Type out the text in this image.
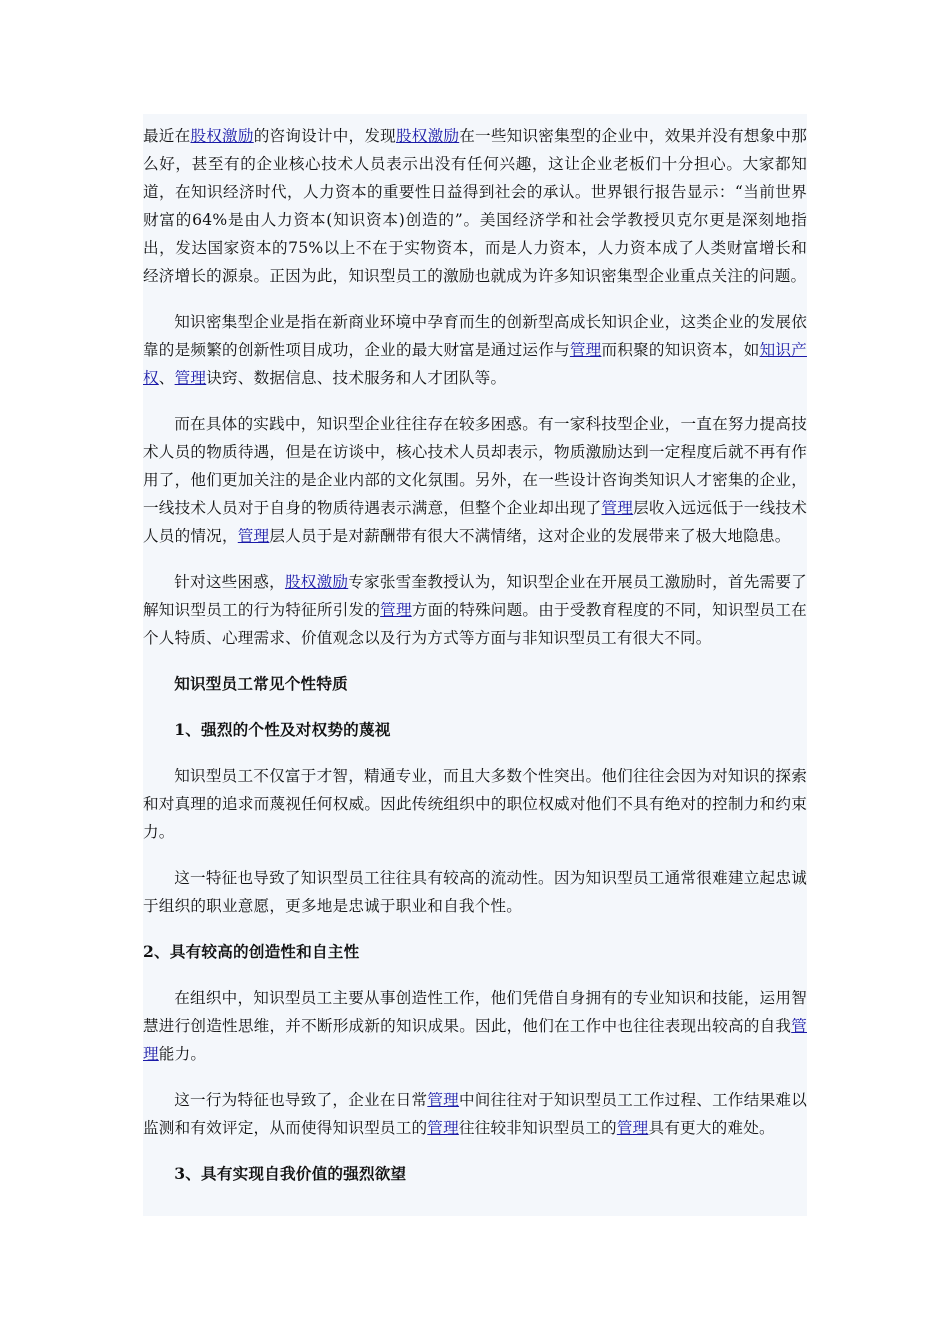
最近在股权激励的咨询设计中，发现股权激励在一些知识密集型的企业中，效果并没有想象中那么好，甚至有的企业核心技术人员表示出没有任何兴趣，这让企业老板们十分担心。大家都知道，在知识经济时代，人力资本的重要性日益得到社会的承认。世界银行报告显示：“当前世界财富的64%是由人力资本(知识资本)创造的”。美国经济学和社会学教授贝克尔更是深刻地指出，发达国家资本的75%以上不在于实物资本，而是人力资本，人力资本成了人类财富增长和经济增长的源泉。正因为此，知识型员工的激励也就成为许多知识密集型企业重点关注的问题。

知识密集型企业是指在新商业环境中孕育而生的创新型高成长知识企业，这类企业的发展依靠的是频繁的创新性项目成功，企业的最大财富是通过运作与管理而积聚的知识资本，如知识产权、管理诀窍、数据信息、技术服务和人才团队等。

而在具体的实践中，知识型企业往往存在较多困惑。有一家科技型企业，一直在努力提高技术人员的物质待遇，但是在访谈中，核心技术人员却表示，物质激励达到一定程度后就不再有作用了，他们更加关注的是企业内部的文化氛围。另外，在一些设计咨询类知识人才密集的企业，一线技术人员对于自身的物质待遇表示满意，但整个企业却出现了管理层收入远远低于一线技术人员的情况，管理层人员于是对薪酬带有很大不满情绪，这对企业的发展带来了极大地隐患。

针对这些困惑，股权激励专家张雪奎教授认为，知识型企业在开展员工激励时，首先需要了解知识型员工的行为特征所引发的管理方面的特殊问题。由于受教育程度的不同，知识型员工在个人特质、心理需求、价值观念以及行为方式等方面与非知识型员工有很大不同。

知识型员工常见个性特质

1、强烈的个性及对权势的蔑视

知识型员工不仅富于才智，精通专业，而且大多数个性突出。他们往往会因为对知识的探索和对真理的追求而蔑视任何权威。因此传统组织中的职位权威对他们不具有绝对的控制力和约束力。

这一特征也导致了知识型员工往往具有较高的流动性。因为知识型员工通常很难建立起忠诚于组织的职业意愿，更多地是忠诚于职业和自我个性。

2、具有较高的创造性和自主性

在组织中，知识型员工主要从事创造性工作，他们凭借自身拥有的专业知识和技能，运用智慧进行创造性思维，并不断形成新的知识成果。因此，他们在工作中也往往表现出较高的自我管理能力。

这一行为特征也导致了，企业在日常管理中间往往对于知识型员工工作过程、工作结果难以监测和有效评定，从而使得知识型员工的管理往往较非知识型员工的管理具有更大的难处。

3、具有实现自我价值的强烈欲望
